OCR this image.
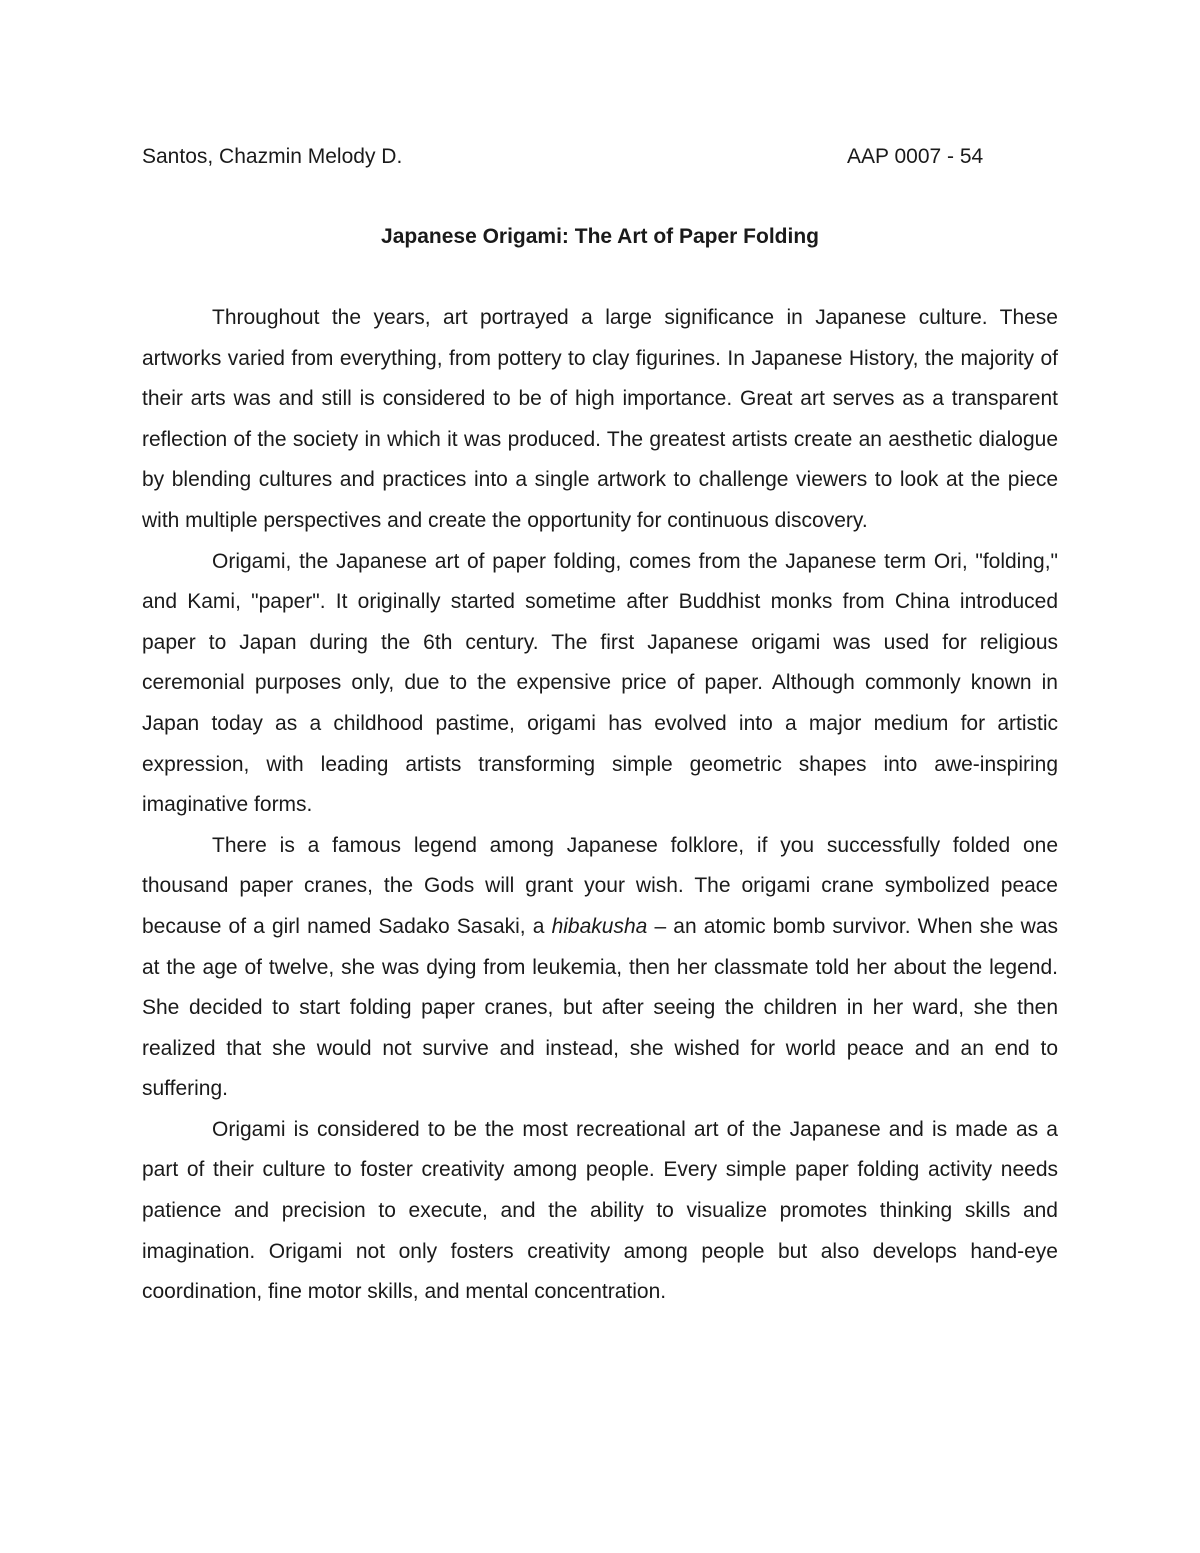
Santos, Chazmin Melody D.	AAP 0007 - 54
Japanese Origami: The Art of Paper Folding

Throughout the years, art portrayed a large significance in Japanese culture. These artworks varied from everything, from pottery to clay figurines. In Japanese History, the majority of their arts was and still is considered to be of high importance. Great art serves as a transparent reflection of the society in which it was produced. The greatest artists create an aesthetic dialogue by blending cultures and practices into a single artwork to challenge viewers to look at the piece with multiple perspectives and create the opportunity for continuous discovery.

Origami, the Japanese art of paper folding, comes from the Japanese term Ori, "folding," and Kami, "paper". It originally started sometime after Buddhist monks from China introduced paper to Japan during the 6th century. The first Japanese origami was used for religious ceremonial purposes only, due to the expensive price of paper. Although commonly known in Japan today as a childhood pastime, origami has evolved into a major medium for artistic expression, with leading artists transforming simple geometric shapes into awe-inspiring imaginative forms.

There is a famous legend among Japanese folklore, if you successfully folded one thousand paper cranes, the Gods will grant your wish. The origami crane symbolized peace because of a girl named Sadako Sasaki, a hibakusha – an atomic bomb survivor. When she was at the age of twelve, she was dying from leukemia, then her classmate told her about the legend. She decided to start folding paper cranes, but after seeing the children in her ward, she then realized that she would not survive and instead, she wished for world peace and an end to suffering.

Origami is considered to be the most recreational art of the Japanese and is made as a part of their culture to foster creativity among people. Every simple paper folding activity needs patience and precision to execute, and the ability to visualize promotes thinking skills and imagination. Origami not only fosters creativity among people but also develops hand-eye coordination, fine motor skills, and mental concentration.
